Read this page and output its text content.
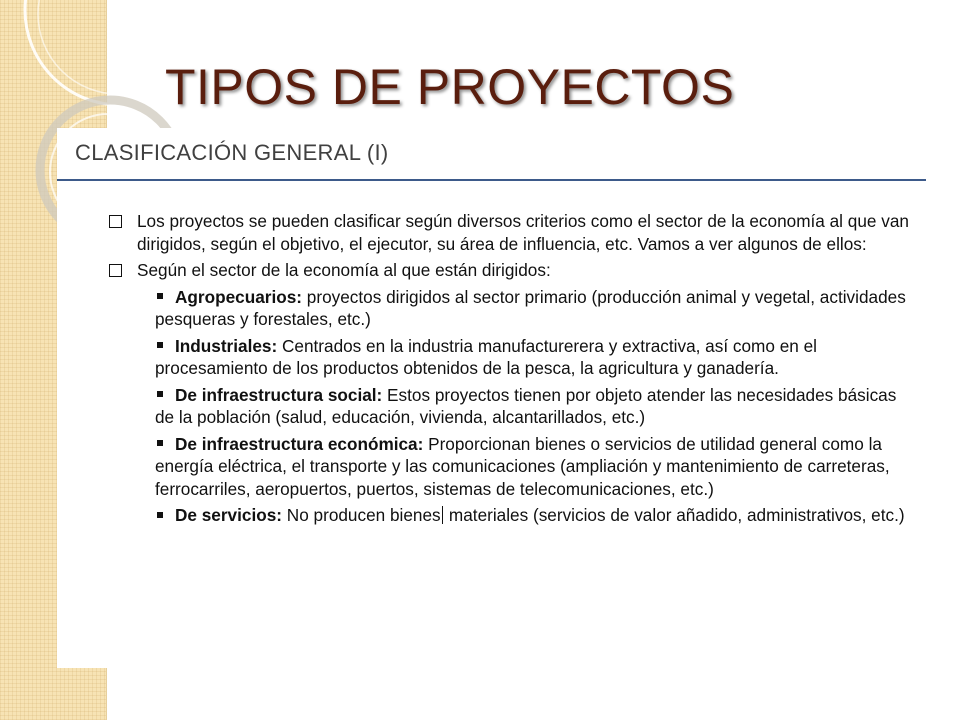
TIPOS DE PROYECTOS
CLASIFICACIÓN GENERAL (I)
Los proyectos se pueden clasificar según diversos criterios como el sector de la economía al que van dirigidos, según el objetivo, el ejecutor, su área de influencia, etc. Vamos a ver algunos de ellos:
Según el sector de la economía al que están dirigidos:
Agropecuarios: proyectos dirigidos al sector primario (producción animal y vegetal, actividades pesqueras y forestales, etc.)
Industriales: Centrados en la industria manufacturerera y extractiva, así como en el procesamiento de los productos obtenidos de la pesca, la agricultura y ganadería.
De infraestructura social: Estos proyectos tienen por objeto atender las necesidades básicas de la población (salud, educación, vivienda, alcantarillados, etc.)
De infraestructura económica: Proporcionan bienes o servicios de utilidad general como la energía eléctrica, el transporte y las comunicaciones (ampliación y mantenimiento de carreteras, ferrocarriles, aeropuertos, puertos, sistemas de telecomunicaciones, etc.)
De servicios: No producen bienes materiales (servicios de valor añadido, administrativos, etc.)
